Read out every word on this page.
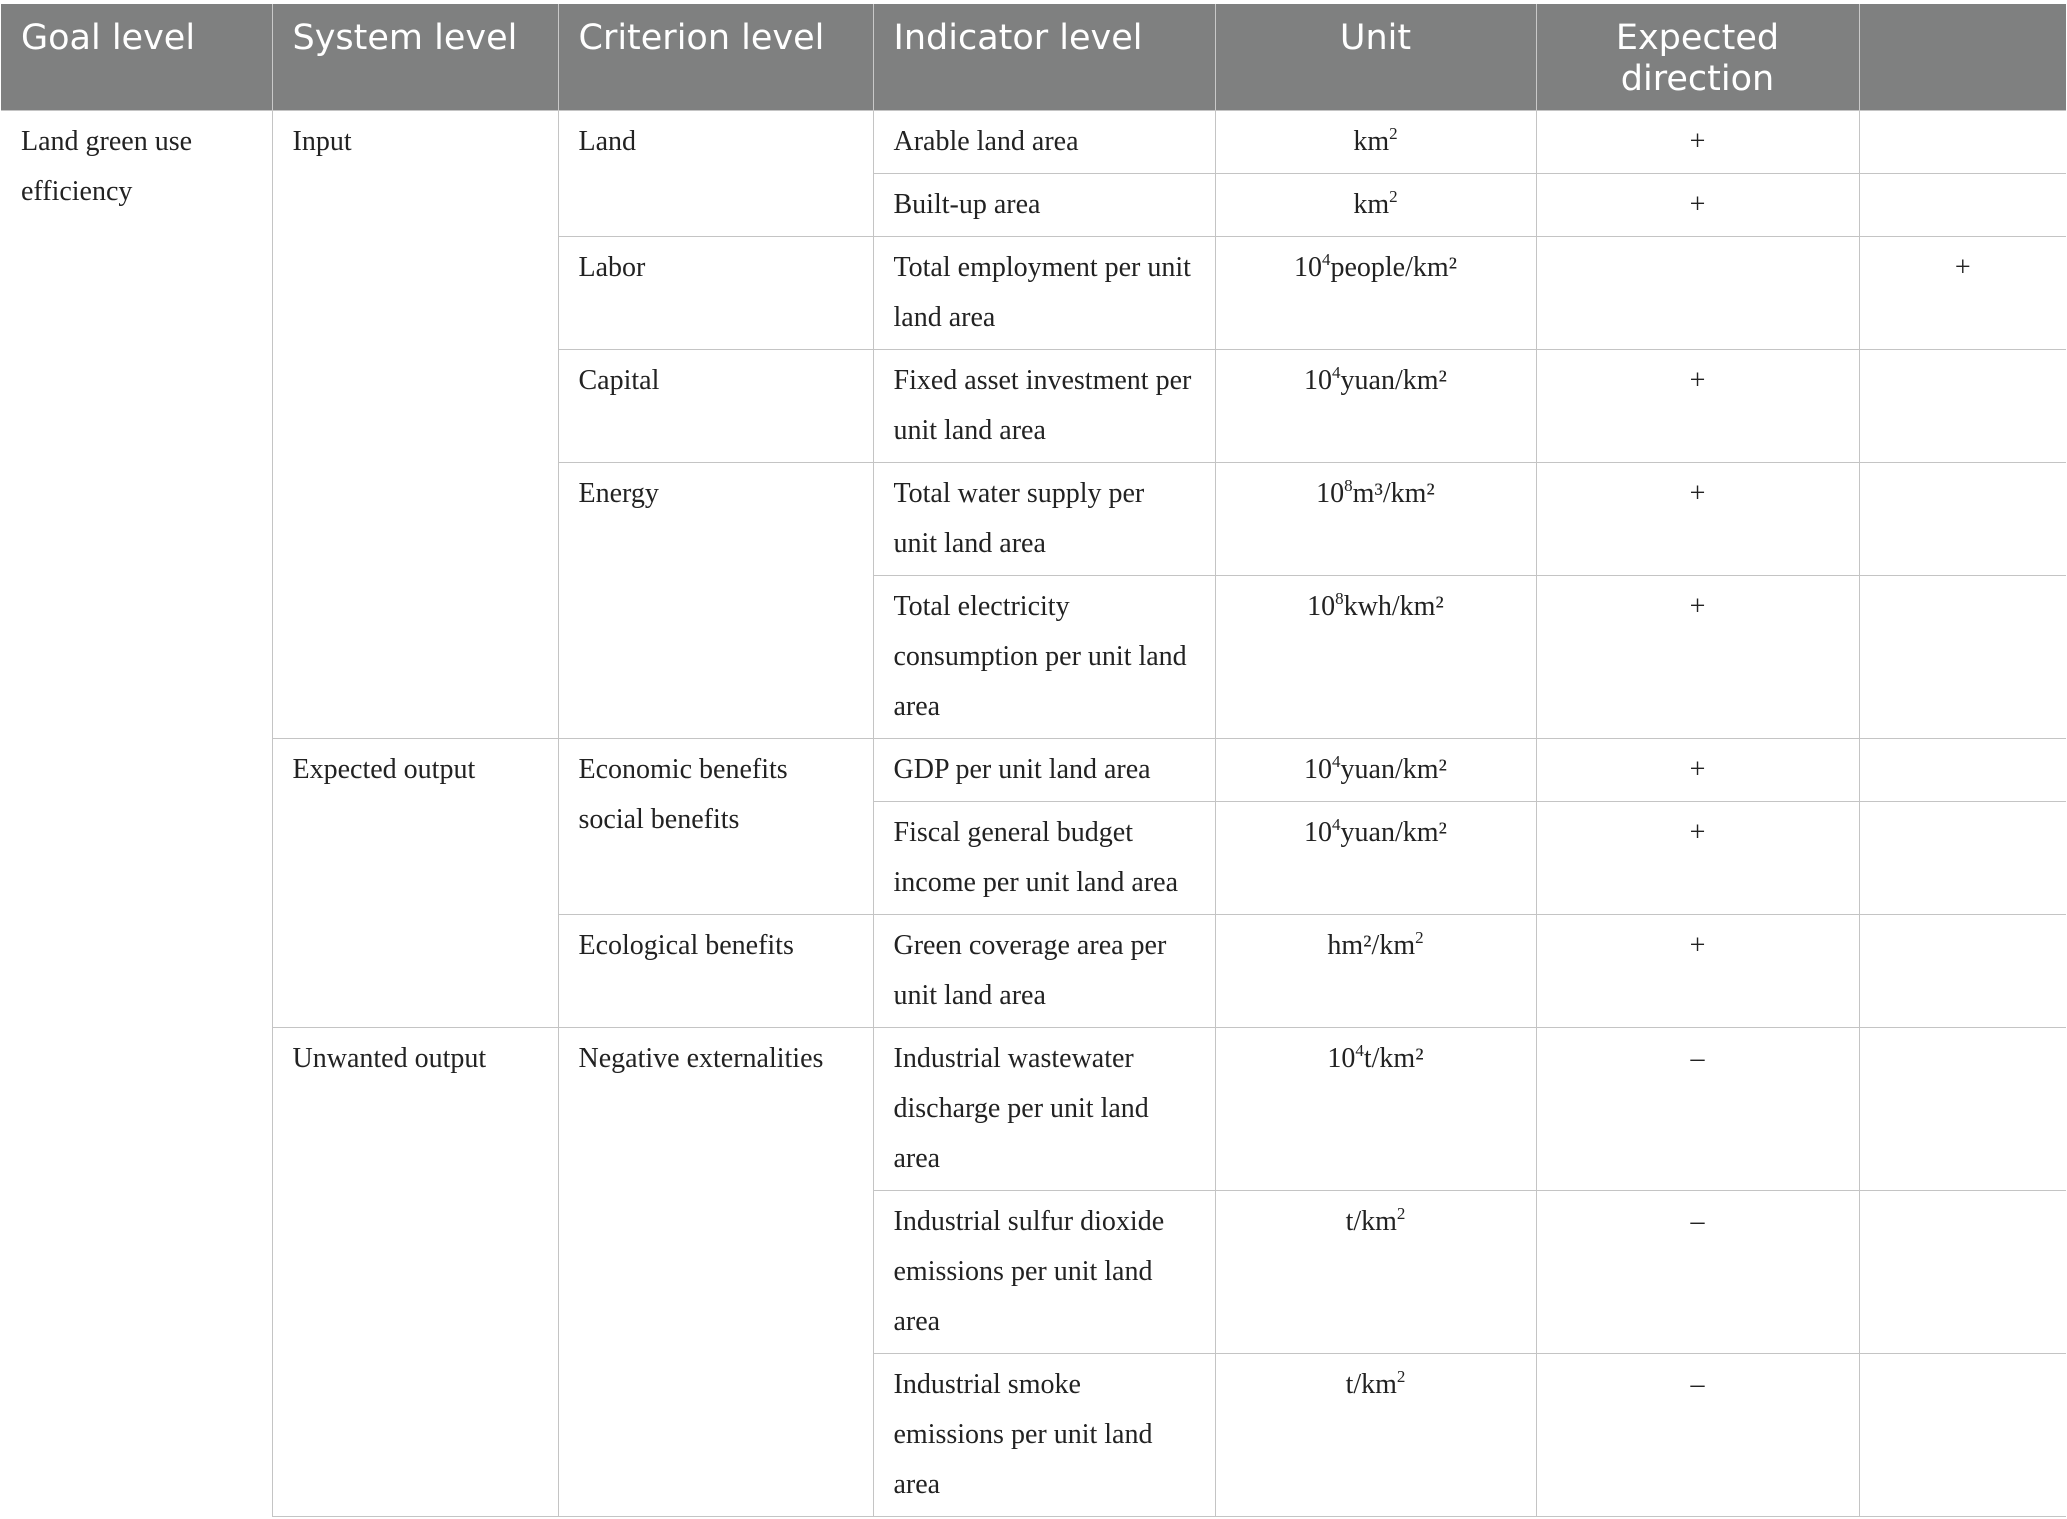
Goal level	System level	Criterion level	Indicator level	Unit	Expected direction	
Land green use efficiency	Input	Land	Arable land area	$km^2$	+	
			Built-up area	$km^2$	+	
		Labor	Total employment per unit land area	$10^4people$/km²		+
		Capital	Fixed asset investment per unit land area	$10^4yuan$/km²	+	
		Energy	Total water supply per unit land area	$10^8m^3$/km²	+	
			Total electricity consumption per unit land area	$10^8kwh$/km²	+	
	Expected output	Economic benefits social benefits	GDP per unit land area	$10^4yuan$/km²	+	
			Fiscal general budget income per unit land area	$10^4yuan$/km²	+	
		Ecological benefits	Green coverage area per unit land area	hm²/$km^2$	+	
	Unwanted output	Negative externalities	Industrial wastewater discharge per unit land area	$10^4t$/km²	–	
			Industrial sulfur dioxide emissions per unit land area	$t/km^2$	–	
			Industrial smoke emissions per unit land area	$t/km^2$	–	
